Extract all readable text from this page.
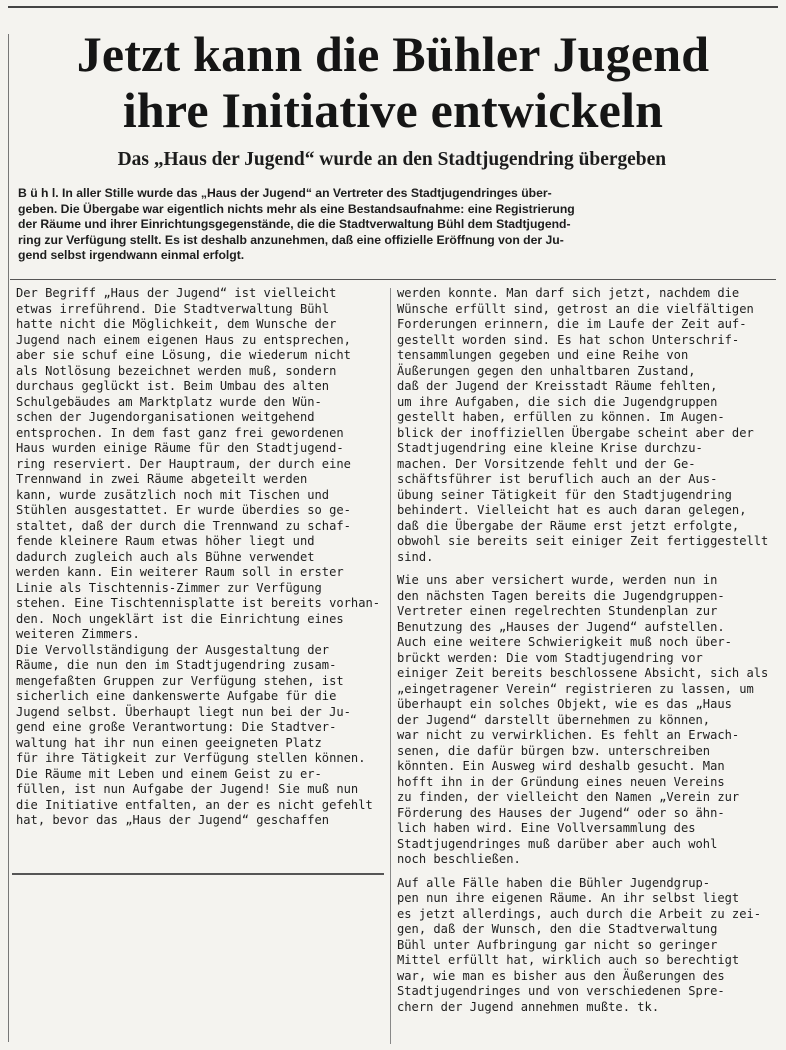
Jetzt kann die Bühler Jugend
ihre Initiative entwickeln
Das „Haus der Jugend“ wurde an den Stadtjugendring übergeben
B ü h l. In aller Stille wurde das „Haus der Jugend“ an Vertreter des Stadtjugendringes über-
geben. Die Übergabe war eigentlich nichts mehr als eine Bestandsaufnahme: eine Registrierung
der Räume und ihrer Einrichtungsgegenstände, die die Stadtverwaltung Bühl dem Stadtjugend-
ring zur Verfügung stellt. Es ist deshalb anzunehmen, daß eine offizielle Eröffnung von der Ju-
gend selbst irgendwann einmal erfolgt.
Der Begriff „Haus der Jugend“ ist vielleicht
etwas irreführend. Die Stadtverwaltung Bühl
hatte nicht die Möglichkeit, dem Wunsche der
Jugend nach einem eigenen Haus zu entsprechen,
aber sie schuf eine Lösung, die wiederum nicht
als Notlösung bezeichnet werden muß, sondern
durchaus geglückt ist. Beim Umbau des alten
Schulgebäudes am Marktplatz wurde den Wün-
schen der Jugendorganisationen weitgehend
entsprochen. In dem fast ganz frei gewordenen
Haus wurden einige Räume für den Stadtjugend-
ring reserviert. Der Hauptraum, der durch eine
Trennwand in zwei Räume abgeteilt werden
kann, wurde zusätzlich noch mit Tischen und
Stühlen ausgestattet. Er wurde überdies so ge-
staltet, daß der durch die Trennwand zu schaf-
fende kleinere Raum etwas höher liegt und
dadurch zugleich auch als Bühne verwendet
werden kann. Ein weiterer Raum soll in erster
Linie als Tischtennis-Zimmer zur Verfügung
stehen. Eine Tischtennisplatte ist bereits vorhan-
den. Noch ungeklärt ist die Einrichtung eines
weiteren Zimmers.
Die Vervollständigung der Ausgestaltung der
Räume, die nun den im Stadtjugendring zusam-
mengefaßten Gruppen zur Verfügung stehen, ist
sicherlich eine dankenswerte Aufgabe für die
Jugend selbst. Überhaupt liegt nun bei der Ju-
gend eine große Verantwortung: Die Stadtver-
waltung hat ihr nun einen geeigneten Platz
für ihre Tätigkeit zur Verfügung stellen können.
Die Räume mit Leben und einem Geist zu er-
füllen, ist nun Aufgabe der Jugend! Sie muß nun
die Initiative entfalten, an der es nicht gefehlt
hat, bevor das „Haus der Jugend“ geschaffen
werden konnte. Man darf sich jetzt, nachdem die
Wünsche erfüllt sind, getrost an die vielfältigen
Forderungen erinnern, die im Laufe der Zeit auf-
gestellt worden sind. Es hat schon Unterschrif-
tensammlungen gegeben und eine Reihe von
Äußerungen gegen den unhaltbaren Zustand,
daß der Jugend der Kreisstadt Räume fehlten,
um ihre Aufgaben, die sich die Jugendgruppen
gestellt haben, erfüllen zu können. Im Augen-
blick der inoffiziellen Übergabe scheint aber der
Stadtjugendring eine kleine Krise durchzu-
machen. Der Vorsitzende fehlt und der Ge-
schäftsführer ist beruflich auch an der Aus-
übung seiner Tätigkeit für den Stadtjugendring
behindert. Vielleicht hat es auch daran gelegen,
daß die Übergabe der Räume erst jetzt erfolgte,
obwohl sie bereits seit einiger Zeit fertiggestellt
sind.
Wie uns aber versichert wurde, werden nun in
den nächsten Tagen bereits die Jugendgruppen-
Vertreter einen regelrechten Stundenplan zur
Benutzung des „Hauses der Jugend“ aufstellen.
Auch eine weitere Schwierigkeit muß noch über-
brückt werden: Die vom Stadtjugendring vor
einiger Zeit bereits beschlossene Absicht, sich als
„eingetragener Verein“ registrieren zu lassen, um
überhaupt ein solches Objekt, wie es das „Haus
der Jugend“ darstellt übernehmen zu können,
war nicht zu verwirklichen. Es fehlt an Erwach-
senen, die dafür bürgen bzw. unterschreiben
könnten. Ein Ausweg wird deshalb gesucht. Man
hofft ihn in der Gründung eines neuen Vereins
zu finden, der vielleicht den Namen „Verein zur
Förderung des Hauses der Jugend“ oder so ähn-
lich haben wird. Eine Vollversammlung des
Stadtjugendringes muß darüber aber auch wohl
noch beschließen.
Auf alle Fälle haben die Bühler Jugendgrup-
pen nun ihre eigenen Räume. An ihr selbst liegt
es jetzt allerdings, auch durch die Arbeit zu zei-
gen, daß der Wunsch, den die Stadtverwaltung
Bühl unter Aufbringung gar nicht so geringer
Mittel erfüllt hat, wirklich auch so berechtigt
war, wie man es bisher aus den Äußerungen des
Stadtjugendringes und von verschiedenen Spre-
chern der Jugend annehmen mußte. tk.
